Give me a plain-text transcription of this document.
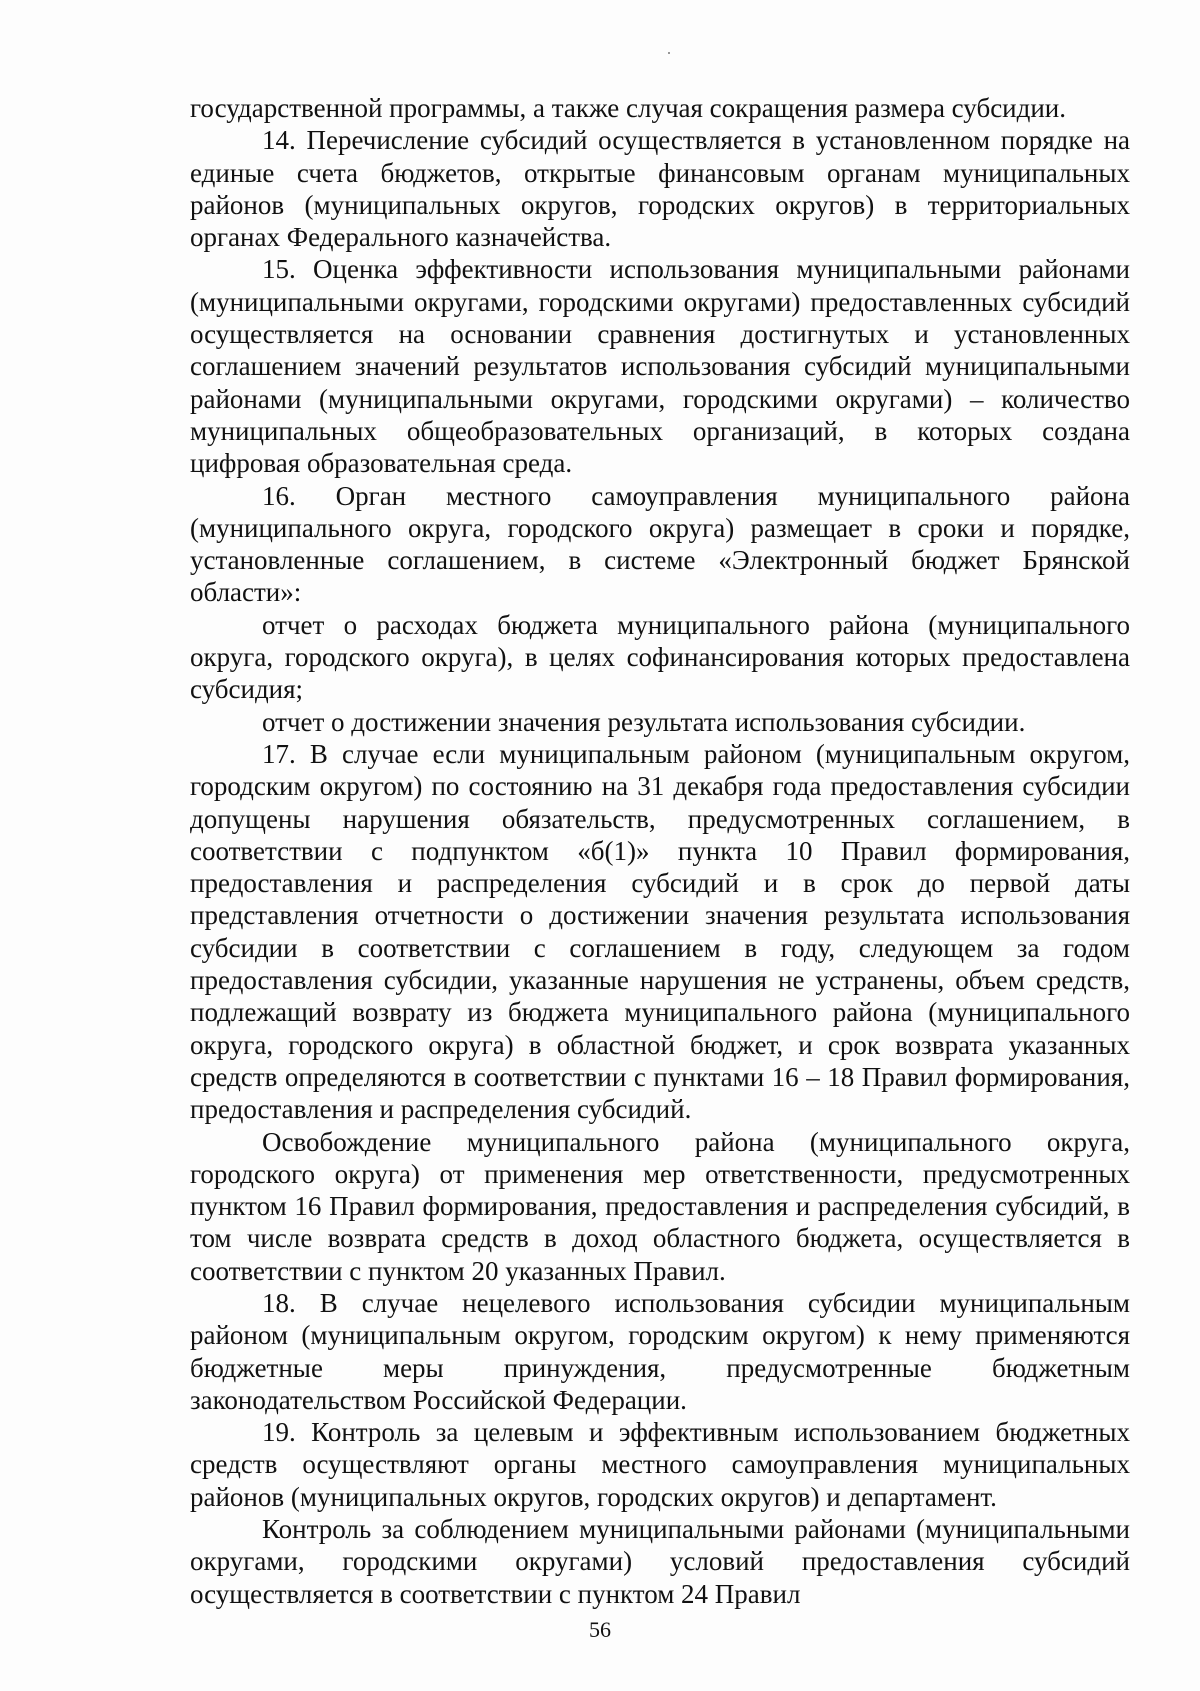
государственной программы, а также случая сокращения размера субсидии.

14. Перечисление субсидий осуществляется в установленном порядке на единые счета бюджетов, открытые финансовым органам муниципальных районов (муниципальных округов, городских округов) в территориальных органах Федерального казначейства.

15. Оценка эффективности использования муниципальными районами (муниципальными округами, городскими округами) предоставленных субсидий осуществляется на основании сравнения достигнутых и установленных соглашением значений результатов использования субсидий муниципальными районами (муниципальными округами, городскими округами) – количество муниципальных общеобразовательных организаций, в которых создана цифровая образовательная среда.

16. Орган местного самоуправления муниципального района (муниципального округа, городского округа) размещает в сроки и порядке, установленные соглашением, в системе «Электронный бюджет Брянской области»:

отчет о расходах бюджета муниципального района (муниципального округа, городского округа), в целях софинансирования которых предоставлена субсидия;

отчет о достижении значения результата использования субсидии.

17. В случае если муниципальным районом (муниципальным округом, городским округом) по состоянию на 31 декабря года предоставления субсидии допущены нарушения обязательств, предусмотренных соглашением, в соответствии с подпунктом «б(1)» пункта 10 Правил формирования, предоставления и распределения субсидий и в срок до первой даты представления отчетности о достижении значения результата использования субсидии в соответствии с соглашением в году, следующем за годом предоставления субсидии, указанные нарушения не устранены, объем средств, подлежащий возврату из бюджета муниципального района (муниципального округа, городского округа) в областной бюджет, и срок возврата указанных средств определяются в соответствии с пунктами 16 – 18 Правил формирования, предоставления и распределения субсидий.

Освобождение муниципального района (муниципального округа, городского округа) от применения мер ответственности, предусмотренных пунктом 16 Правил формирования, предоставления и распределения субсидий, в том числе возврата средств в доход областного бюджета, осуществляется в соответствии с пунктом 20 указанных Правил.

18. В случае нецелевого использования субсидии муниципальным районом (муниципальным округом, городским округом) к нему применяются бюджетные меры принуждения, предусмотренные бюджетным законодательством Российской Федерации.

19. Контроль за целевым и эффективным использованием бюджетных средств осуществляют органы местного самоуправления муниципальных районов (муниципальных округов, городских округов) и департамент.

Контроль за соблюдением муниципальными районами (муниципальными округами, городскими округами) условий предоставления субсидий осуществляется в соответствии с пунктом 24 Правил

56
